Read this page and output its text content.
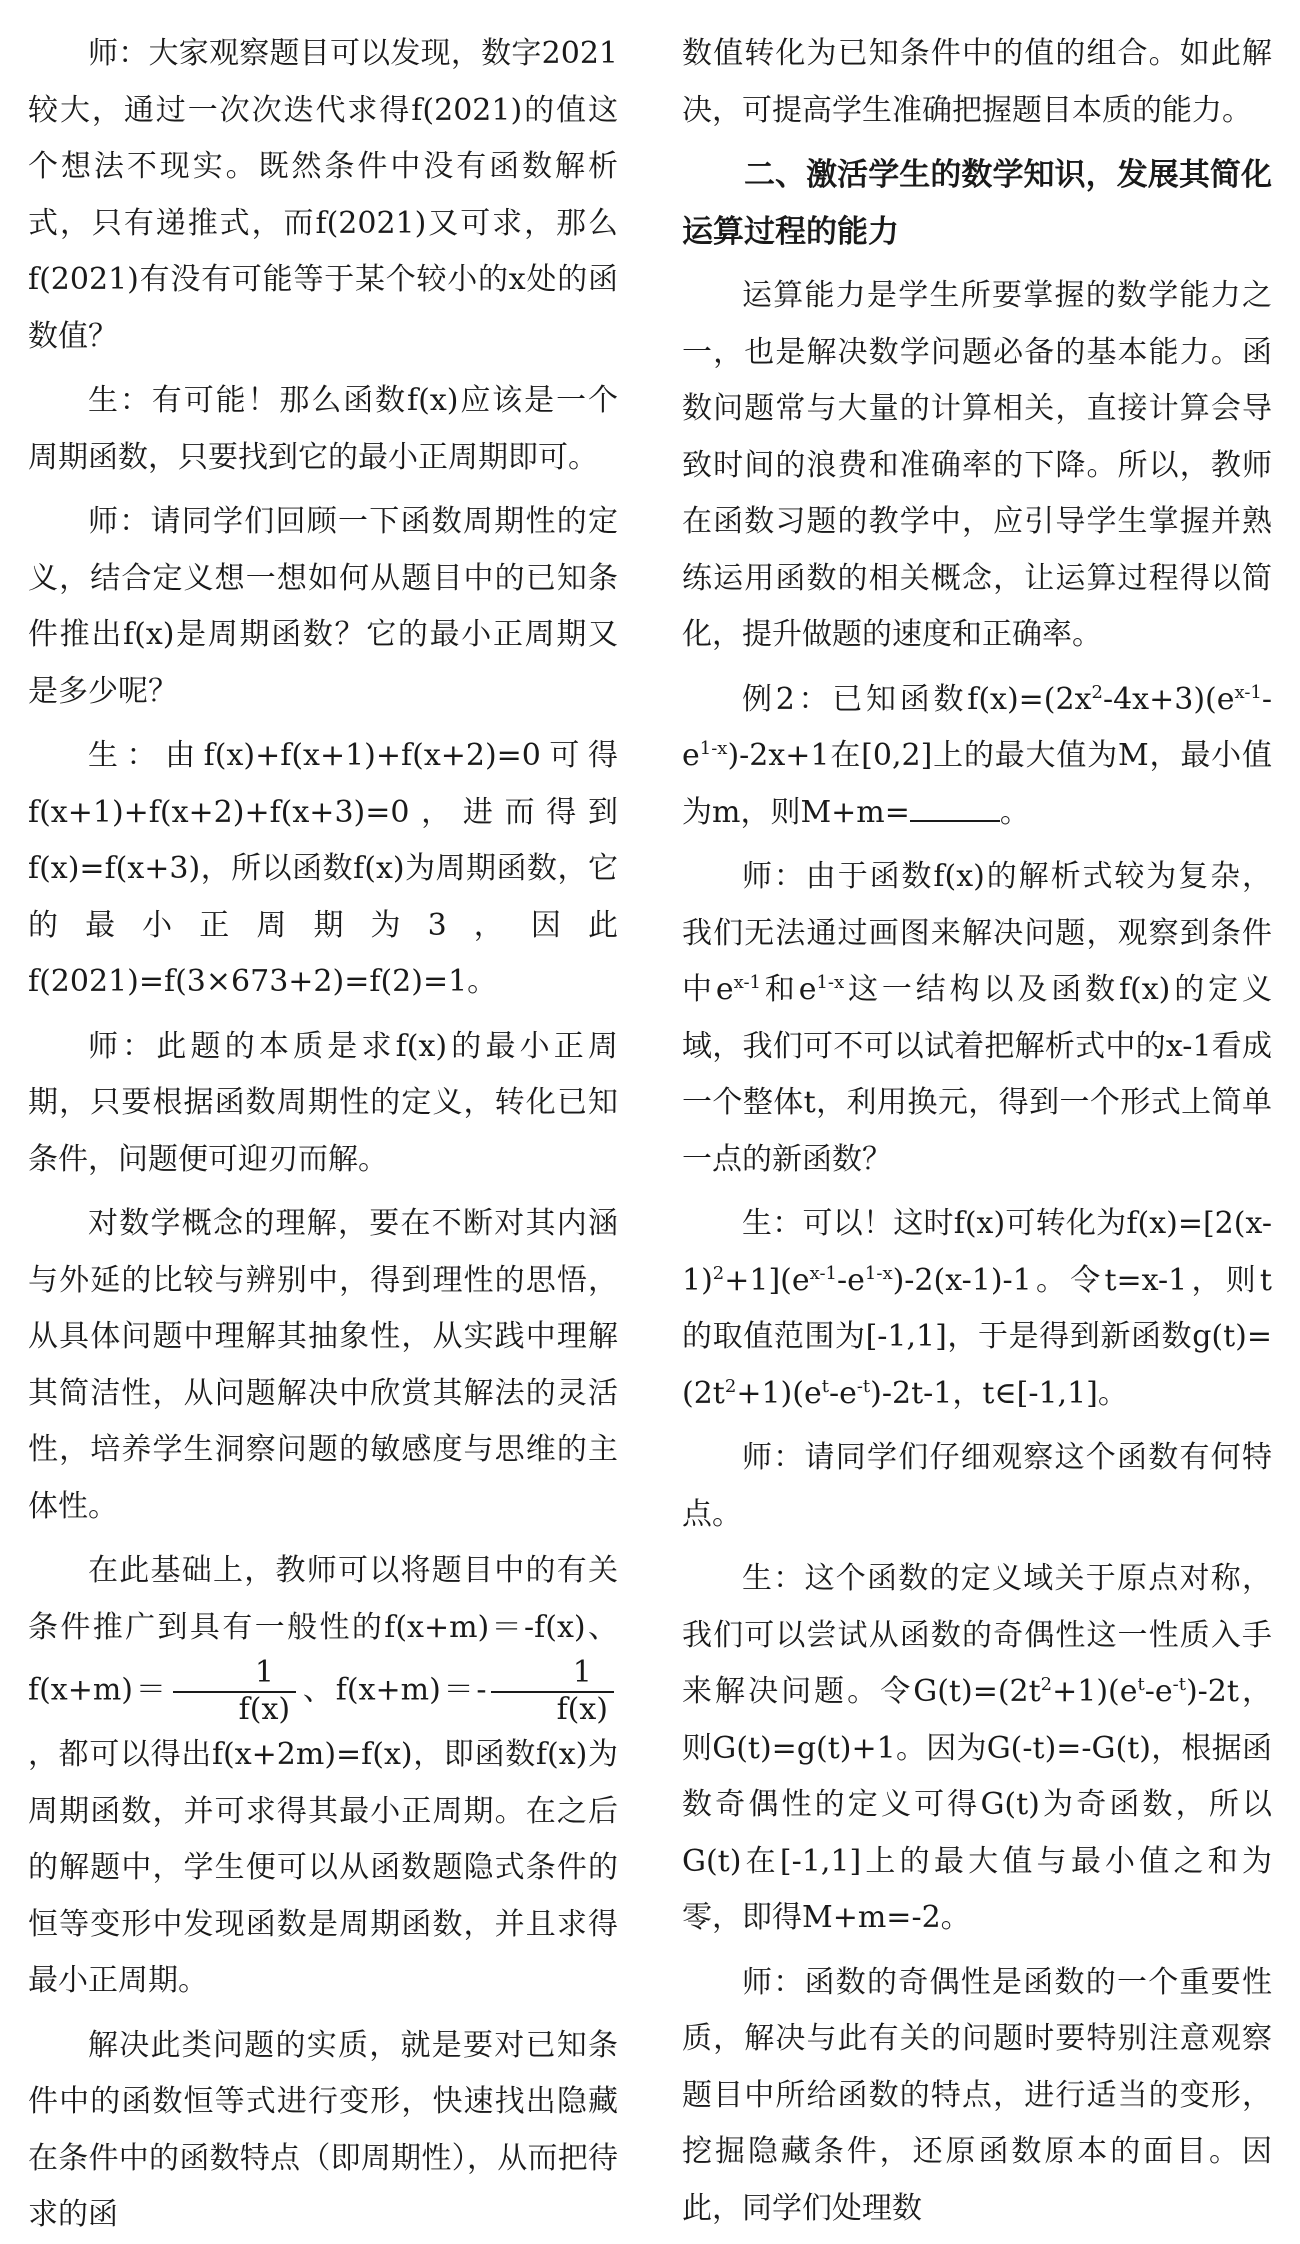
师：大家观察题目可以发现，数字2021较大，通过一次次迭代求得f(2021)的值这个想法不现实。既然条件中没有函数解析式，只有递推式，而f(2021)又可求，那么f(2021)有没有可能等于某个较小的x处的函数值？

生：有可能！那么函数f(x)应该是一个周期函数，只要找到它的最小正周期即可。

师：请同学们回顾一下函数周期性的定义，结合定义想一想如何从题目中的已知条件推出f(x)是周期函数？它的最小正周期又是多少呢？

生：由f(x)+f(x+1)+f(x+2)=0可得f(x+1)+f(x+2)+f(x+3)=0，进而得到f(x)=f(x+3)，所以函数f(x)为周期函数，它的最小正周期为3，因此f(2021)=f(3×673+2)=f(2)=1。

师：此题的本质是求f(x)的最小正周期，只要根据函数周期性的定义，转化已知条件，问题便可迎刃而解。

对数学概念的理解，要在不断对其内涵与外延的比较与辨别中，得到理性的思悟，从具体问题中理解其抽象性，从实践中理解其简洁性，从问题解决中欣赏其解法的灵活性，培养学生洞察问题的敏感度与思维的主体性。

在此基础上，教师可以将题目中的有关条件推广到具有一般性的f(x+m)＝-f(x)、$f(x+m)= \frac{1}{f(x)}$ 、$f(x+m)=- \frac{1}{f(x)}$
，都可以得出f(x+2m)=f(x)，即函数f(x)为周期函数，并可求得其最小正周期。在之后的解题中，学生便可以从函数题隐式条件的恒等变形中发现函数是周期函数，并且求得最小正周期。

解决此类问题的实质，就是要对已知条件中的函数恒等式进行变形，快速找出隐藏在条件中的函数特点（即周期性），从而把待求的函

数值转化为已知条件中的值的组合。如此解决，可提高学生准确把握题目本质的能力。

二、激活学生的数学知识，发展其简化运算过程的能力

运算能力是学生所要掌握的数学能力之一，也是解决数学问题必备的基本能力。函数问题常与大量的计算相关，直接计算会导致时间的浪费和准确率的下降。所以，教师在函数习题的教学中，应引导学生掌握并熟练运用函数的相关概念，让运算过程得以简化，提升做题的速度和正确率。

例2：已知函数$f(x)=(2x^2-4x+3)(e^{x-1}-e^{1-x})-2x+1$在[0,2]上的最大值为M，最小值为m，则M+m=	。

师：由于函数f(x)的解析式较为复杂，我们无法通过画图来解决问题，观察到条件中$e^{x-1}$和$e^{1-x}$这一结构以及函数f(x)的定义域，我们可不可以试着把解析式中的x-1看成一个整体t，利用换元，得到一个形式上简单一点的新函数？

生：可以！这时f(x)可转化为$f(x)=[2(x-1)^2+1](e^{x-1}-e^{1-x})-2(x-1)-1$。令t=x-1，则t的取值范围为[-1,1]，于是得到新函数$g(t)=(2t^2+1)(e^t-e^{-t})-2t-1$，t∈[-1,1]。

师：请同学们仔细观察这个函数有何特点。

生：这个函数的定义域关于原点对称，我们可以尝试从函数的奇偶性这一性质入手来解决问题。令$G(t)=(2t^2+1)(e^t-e^{-t})-2t$，则G(t)=g(t)+1。因为G(-t)=-G(t)，根据函数奇偶性的定义可得G(t)为奇函数，所以G(t)在[-1,1]上的最大值与最小值之和为零，即得M+m=-2。

师：函数的奇偶性是函数的一个重要性质，解决与此有关的问题时要特别注意观察题目中所给函数的特点，进行适当的变形，挖掘隐藏条件，还原函数原本的面目。因此，同学们处理数
